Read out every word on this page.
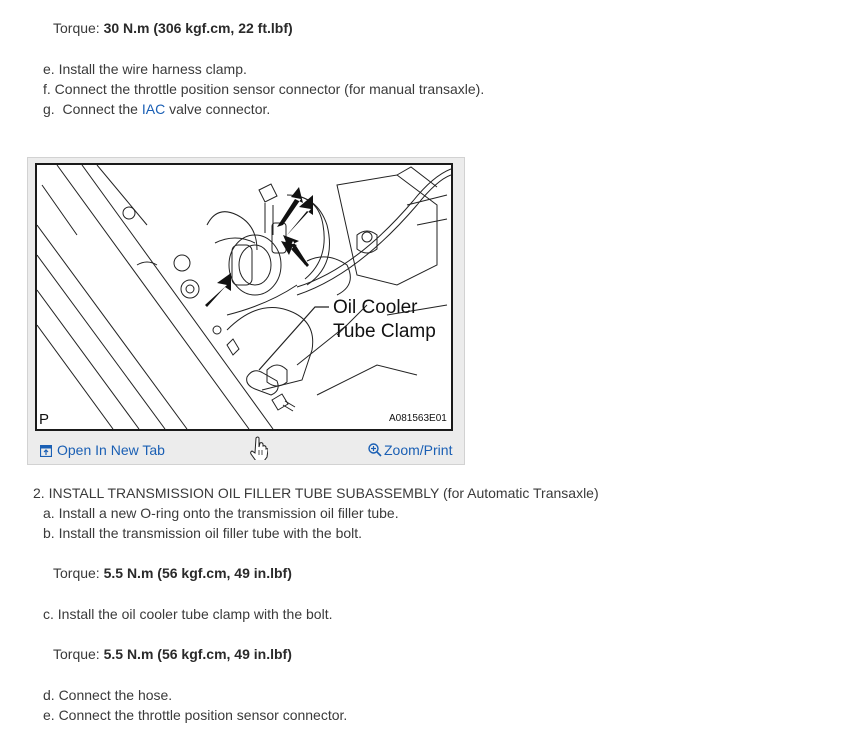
Torque: 30 N.m (306 kgf.cm, 22 ft.lbf)
e. Install the wire harness clamp.
f. Connect the throttle position sensor connector (for manual transaxle).
g. Connect the IAC valve connector.
Oil Cooler
Tube Clamp
P	A081563E01
Open In New Tab	Zoom/Print
2. INSTALL TRANSMISSION OIL FILLER TUBE SUBASSEMBLY (for Automatic Transaxle)
a. Install a new O-ring onto the transmission oil filler tube.
b. Install the transmission oil filler tube with the bolt.
Torque: 5.5 N.m (56 kgf.cm, 49 in.lbf)
c. Install the oil cooler tube clamp with the bolt.
Torque: 5.5 N.m (56 kgf.cm, 49 in.lbf)
d. Connect the hose.
e. Connect the throttle position sensor connector.
